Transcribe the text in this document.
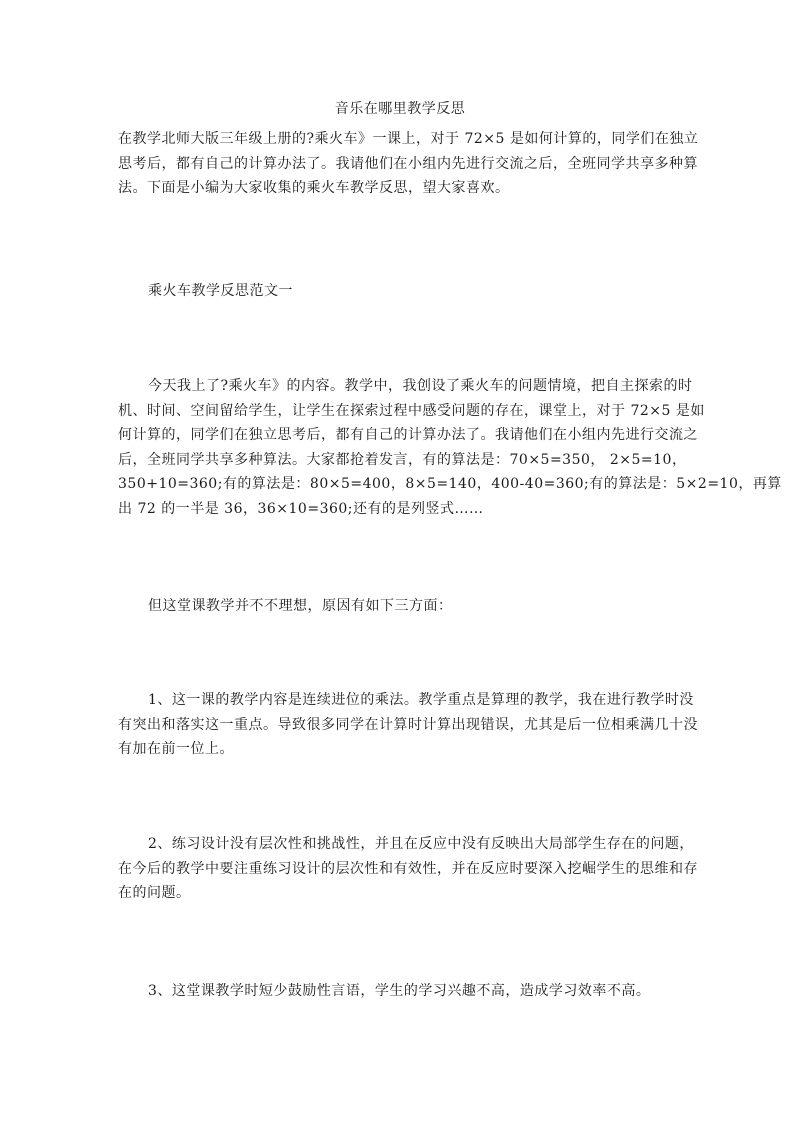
音乐在哪里教学反思
在教学北师大版三年级上册的?乘火车》一课上，对于 72×5 是如何计算的，同学们在独立
思考后，都有自己的计算办法了。我请他们在小组内先进行交流之后，全班同学共享多种算
法。下面是小编为大家收集的乘火车教学反思，望大家喜欢。
乘火车教学反思范文一
今天我上了?乘火车》的内容。教学中，我创设了乘火车的问题情境，把自主探索的时
机、时间、空间留给学生，让学生在探索过程中感受问题的存在，课堂上，对于 72×5 是如
何计算的，同学们在独立思考后，都有自己的计算办法了。我请他们在小组内先进行交流之
后，全班同学共享多种算法。大家都抢着发言，有的算法是：70×5=350， 2×5=10，
350+10=360;有的算法是：80×5=400，8×5=140，400-40=360;有的算法是：5×2=10，再算
出 72 的一半是 36，36×10=360;还有的是列竖式……
但这堂课教学并不不理想，原因有如下三方面：
1、这一课的教学内容是连续进位的乘法。教学重点是算理的教学，我在进行教学时没
有突出和落实这一重点。导致很多同学在计算时计算出现错误，尤其是后一位相乘满几十没
有加在前一位上。
2、练习设计没有层次性和挑战性，并且在反应中没有反映出大局部学生存在的问题，
在今后的教学中要注重练习设计的层次性和有效性，并在反应时要深入挖崛学生的思维和存
在的问题。
3、这堂课教学时短少鼓励性言语，学生的学习兴趣不高，造成学习效率不高。
